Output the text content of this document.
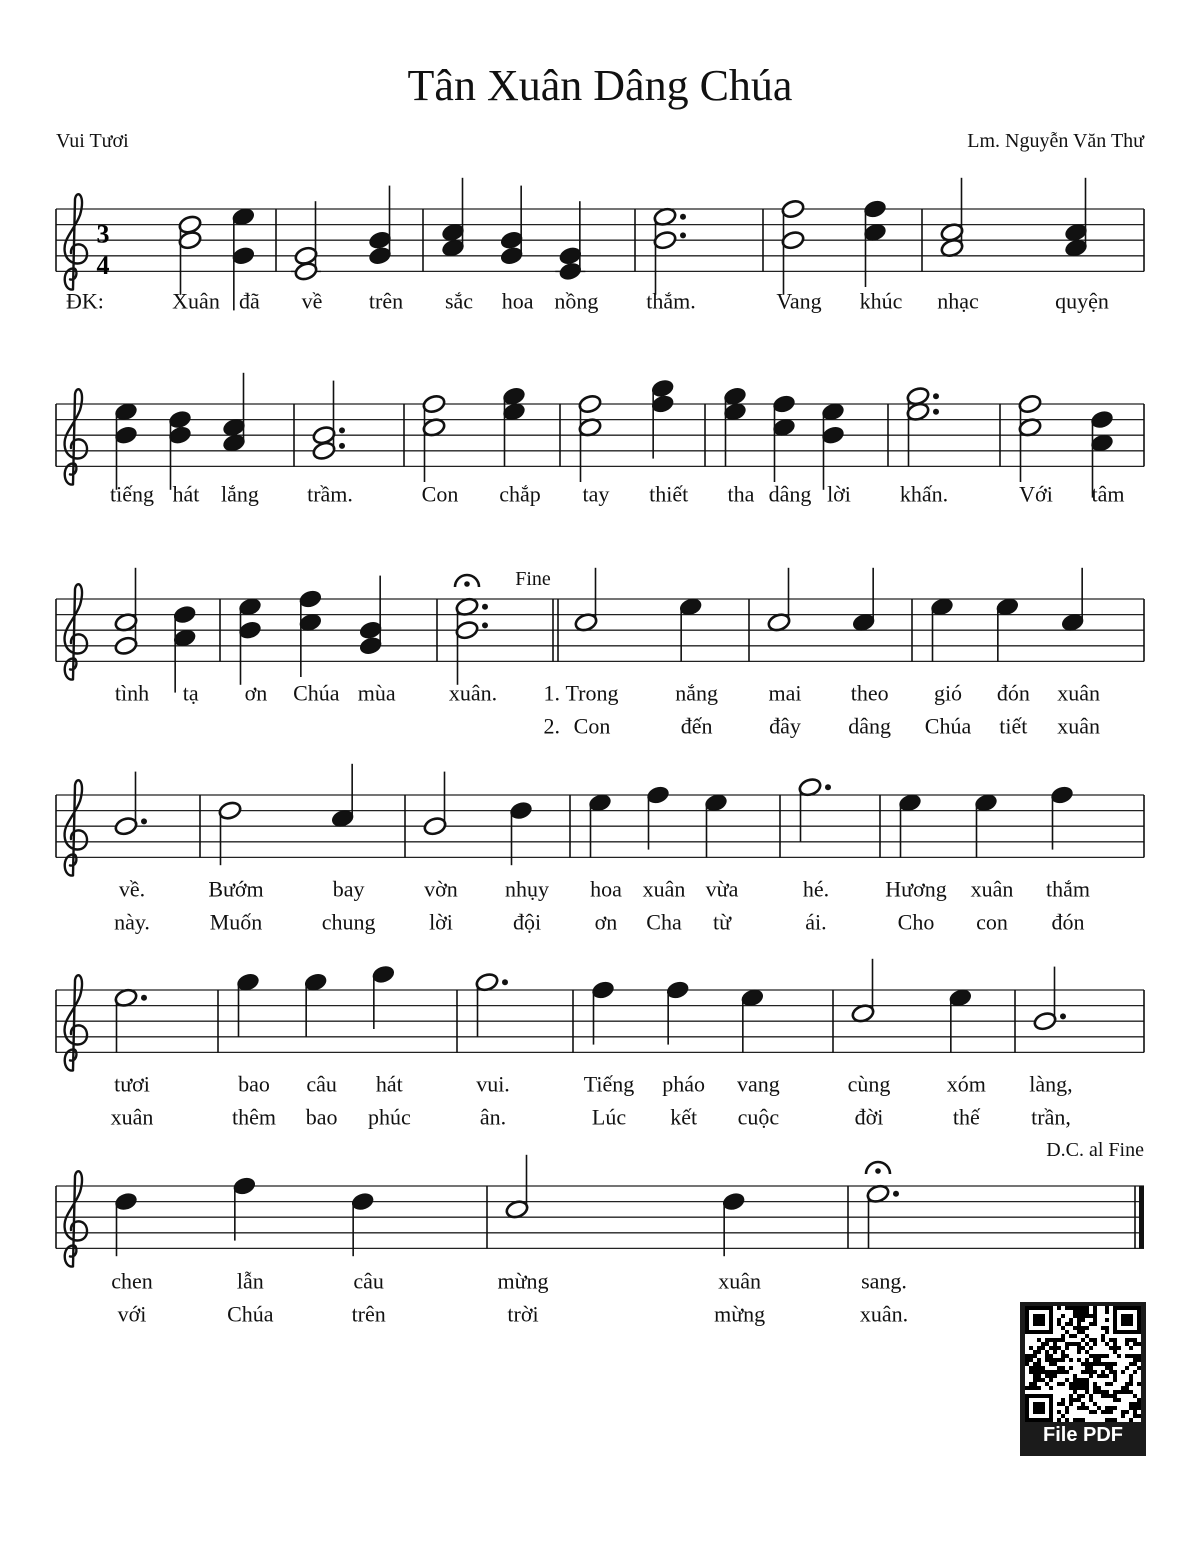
Tân Xuân Dâng Chúa
Vui Tươi	Lm. Nguyễn Văn Thư
3
4
ĐK:	Xuân đã về trên sắc hoa nồng thắm.	Vang khúc nhạc	quyện
tiếng hát lắng trầm.	Con chắp tay thiết tha dâng lời khấn.	Với tâm
tình tạ ơn Chúa mùa
Fine
xuân. 1.
2.
Trong	nắng
Con	đến
mai theo
đây dâng
gió đón xuân
Chúa tiết xuân
về.
này.
Bướm	bay
Muốn	chung
vờn nhụy
lời	đội
hoa xuân vừa
ơn Cha từ
hé.
ái.
Hương xuân thắm
Cho con đón
tươi
xuân
bao câu hát
thêm bao phúc
vui.
ân.
Tiếng pháo vang
Lúc kết cuộc
cùng	xóm
đời	thế
làng,
trần,
chen	lẫn	câu
với	Chúa	trên
mừng	xuân
trời	mừng
D.C. al Fine
sang.
xuân.
File PDF
